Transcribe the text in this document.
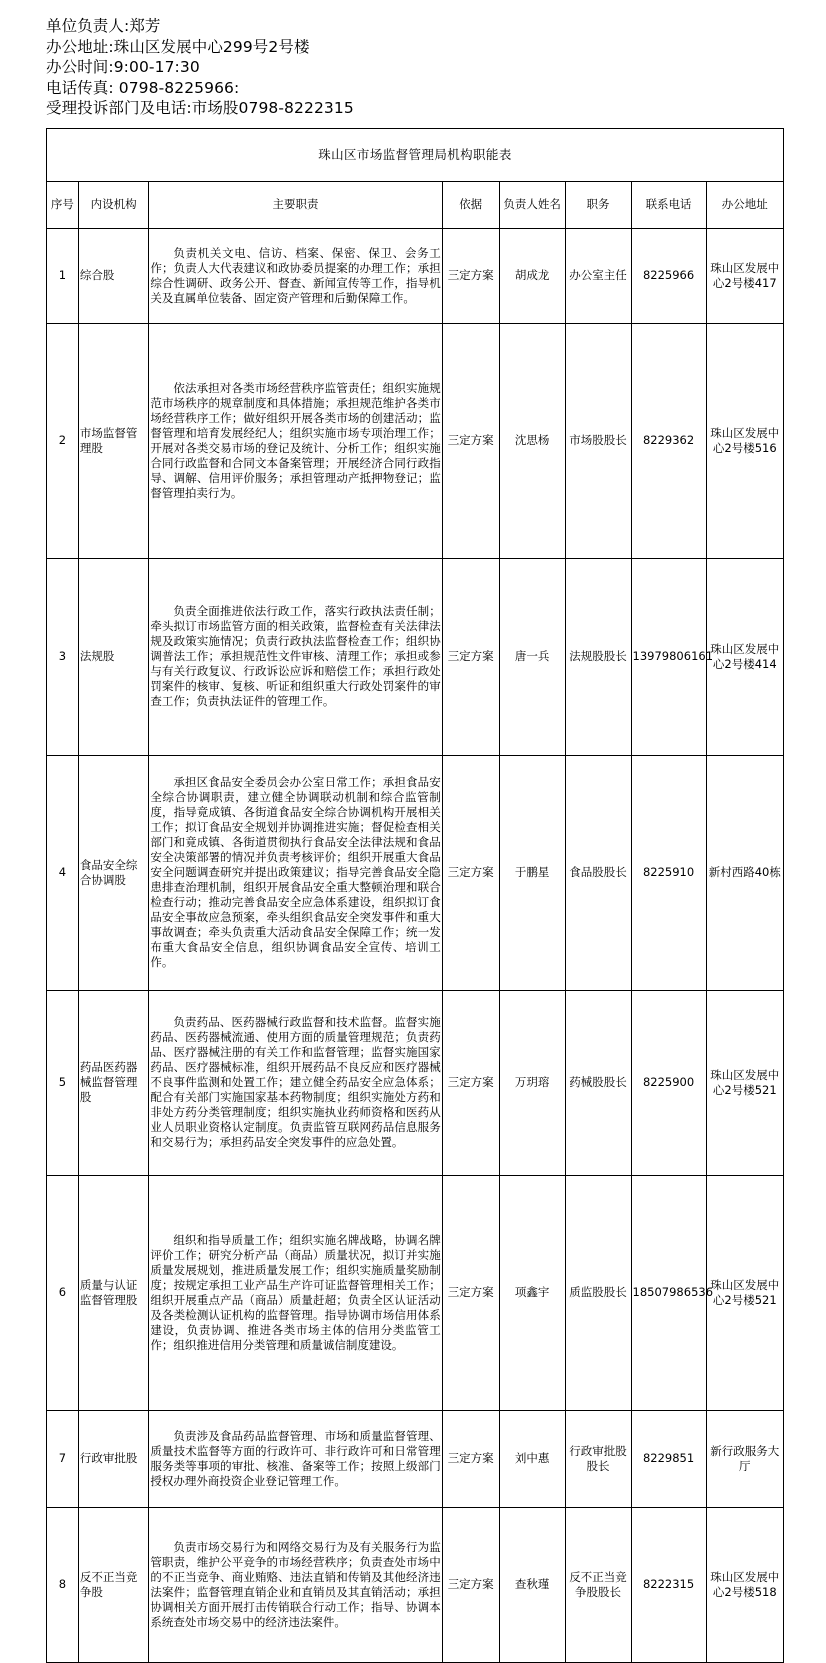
单位负责人:郑芳
办公地址:珠山区发展中心299号2号楼
办公时间:9:00-17:30
电话传真: 0798-8225966:
受理投诉部门及电话:市场股0798-8222315
珠山区市场监督管理局机构职能表							
序号	内设机构	主要职责	依据	负责人姓名	职务	联系电话	办公地址
1	综合股	负责机关文电、信访、档案、保密、保卫、会务工作；负责人大代表建议和政协委员提案的办理工作；承担综合性调研、政务公开、督查、新闻宣传等工作，指导机关及直属单位装备、固定资产管理和后勤保障工作。	三定方案	胡成龙	办公室主任	8225966	珠山区发展中心2号楼417
2	市场监督管理股	依法承担对各类市场经营秩序监管责任；组织实施规范市场秩序的规章制度和具体措施；承担规范维护各类市场经营秩序工作；做好组织开展各类市场的创建活动；监督管理和培育发展经纪人；组织实施市场专项治理工作；开展对各类交易市场的登记及统计、分析工作；组织实施合同行政监督和合同文本备案管理；开展经济合同行政指导、调解、信用评价服务；承担管理动产抵押物登记；监督管理拍卖行为。	三定方案	沈思杨	市场股股长	8229362	珠山区发展中心2号楼516
3	法规股	负责全面推进依法行政工作，落实行政执法责任制；牵头拟订市场监管方面的相关政策，监督检查有关法律法规及政策实施情况；负责行政执法监督检查工作；组织协调普法工作；承担规范性文件审核、清理工作；承担或参与有关行政复议、行政诉讼应诉和赔偿工作；承担行政处罚案件的核审、复核、听证和组织重大行政处罚案件的审查工作；负责执法证件的管理工作。	三定方案	唐一兵	法规股股长	13979806161	珠山区发展中心2号楼414
4	食品安全综合协调股	承担区食品安全委员会办公室日常工作；承担食品安全综合协调职责，建立健全协调联动机制和综合监管制度，指导竟成镇、各街道食品安全综合协调机构开展相关工作；拟订食品安全规划并协调推进实施；督促检查相关部门和竟成镇、各街道贯彻执行食品安全法律法规和食品安全决策部署的情况并负责考核评价；组织开展重大食品安全问题调查研究并提出政策建议；指导完善食品安全隐患排查治理机制，组织开展食品安全重大整顿治理和联合检查行动；推动完善食品安全应急体系建设，组织拟订食品安全事故应急预案，牵头组织食品安全突发事件和重大事故调查；牵头负责重大活动食品安全保障工作；统一发布重大食品安全信息，组织协调食品安全宣传、培训工作。	三定方案	于鹏星	食品股股长	8225910	新村西路40栋
5	药品医药器械监督管理股	负责药品、医药器械行政监督和技术监督。监督实施药品、医药器械流通、使用方面的质量管理规范；负责药品、医疗器械注册的有关工作和监督管理；监督实施国家药品、医疗器械标准，组织开展药品不良反应和医疗器械不良事件监测和处置工作；建立健全药品安全应急体系；配合有关部门实施国家基本药物制度；组织实施处方药和非处方药分类管理制度；组织实施执业药师资格和医药从业人员职业资格认定制度。负责监管互联网药品信息服务和交易行为；承担药品安全突发事件的应急处置。	三定方案	万玥瑢	药械股股长	8225900	珠山区发展中心2号楼521
6	质量与认证监督管理股	组织和指导质量工作；组织实施名牌战略，协调名牌评价工作；研究分析产品（商品）质量状况，拟订并实施质量发展规划，推进质量发展工作；组织实施质量奖励制度；按规定承担工业产品生产许可证监督管理相关工作；组织开展重点产品（商品）质量赶超；负责全区认证活动及各类检测认证机构的监督管理。指导协调市场信用体系建设，负责协调、推进各类市场主体的信用分类监管工作；组织推进信用分类管理和质量诚信制度建设。	三定方案	项鑫宇	质监股股长	18507986536	珠山区发展中心2号楼521
7	行政审批股	负责涉及食品药品监督管理、市场和质量监督管理、质量技术监督等方面的行政许可、非行政许可和日常管理服务类等事项的审批、核准、备案等工作；按照上级部门授权办理外商投资企业登记管理工作。	三定方案	刘中惠	行政审批股股长	8229851	新行政服务大厅
8	反不正当竞争股	负责市场交易行为和网络交易行为及有关服务行为监管职责，维护公平竞争的市场经营秩序；负责查处市场中的不正当竞争、商业贿赂、违法直销和传销及其他经济违法案件；监督管理直销企业和直销员及其直销活动；承担协调相关方面开展打击传销联合行动工作；指导、协调本系统查处市场交易中的经济违法案件。	三定方案	查秋瑾	反不正当竞争股股长	8222315	珠山区发展中心2号楼518
